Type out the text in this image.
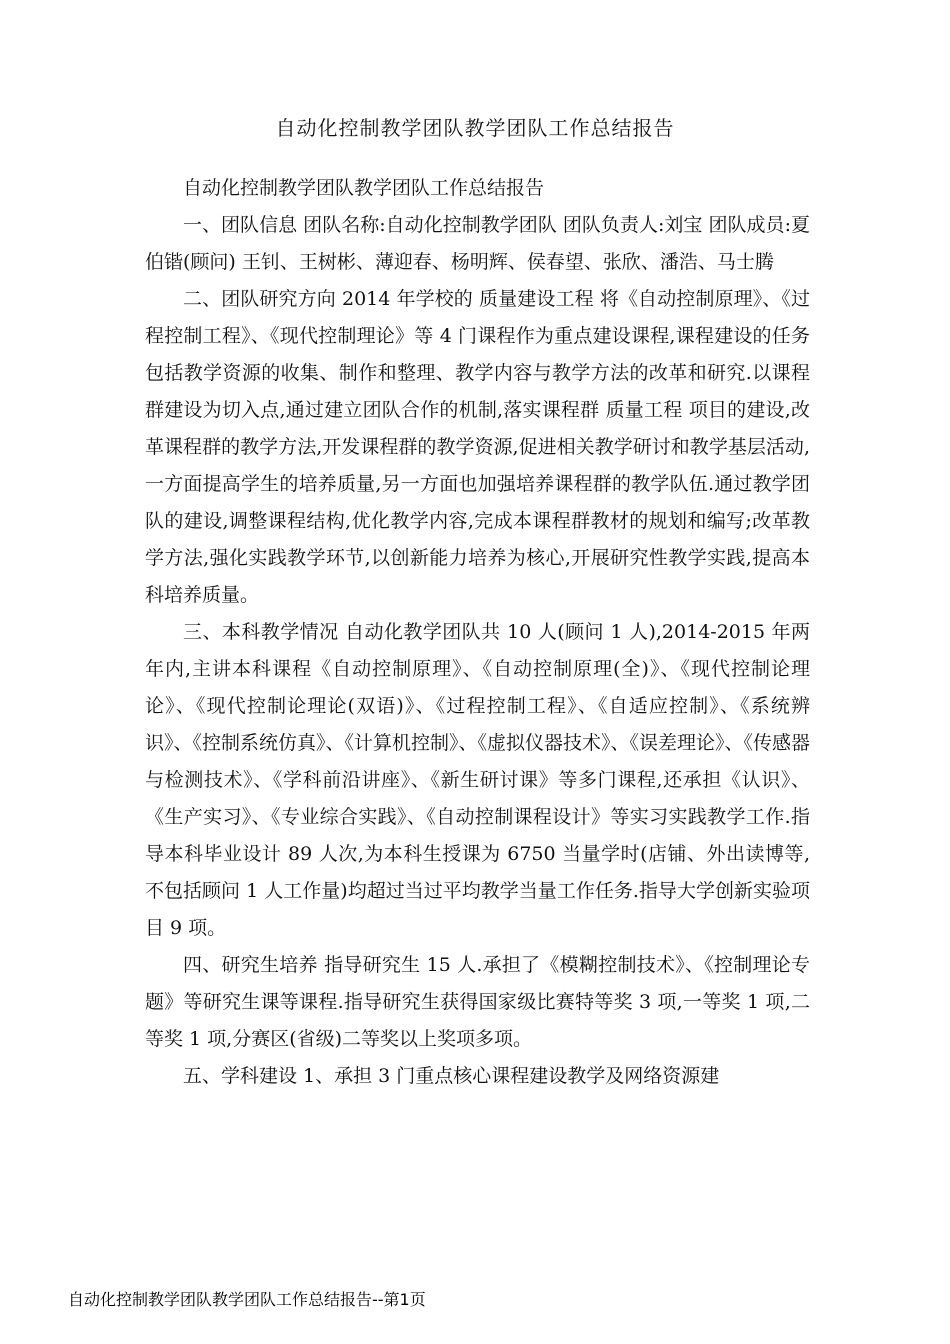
自动化控制教学团队教学团队工作总结报告

自动化控制教学团队教学团队工作总结报告

一、团队信息 团队名称:自动化控制教学团队 团队负责人:刘宝 团队成员:夏伯锴(顾问) 王钊、王树彬、薄迎春、杨明辉、侯春望、张欣、潘浩、马士腾

二、团队研究方向 2014 年学校的 质量建设工程 将《自动控制原理》、《过程控制工程》、《现代控制理论》等 4 门课程作为重点建设课程,课程建设的任务包括教学资源的收集、制作和整理、教学内容与教学方法的改革和研究.以课程群建设为切入点,通过建立团队合作的机制,落实课程群 质量工程 项目的建设,改革课程群的教学方法,开发课程群的教学资源,促进相关教学研讨和教学基层活动,一方面提高学生的培养质量,另一方面也加强培养课程群的教学队伍.通过教学团队的建设,调整课程结构,优化教学内容,完成本课程群教材的规划和编写;改革教学方法,强化实践教学环节,以创新能力培养为核心,开展研究性教学实践,提高本科培养质量。

三、本科教学情况 自动化教学团队共 10 人(顾问 1 人),2014-2015 年两年内,主讲本科课程《自动控制原理》、《自动控制原理(全)》、《现代控制论理论》、《现代控制论理论(双语)》、《过程控制工程》、《自适应控制》、《系统辨识》、《控制系统仿真》、《计算机控制》、《虚拟仪器技术》、《误差理论》、《传感器与检测技术》、《学科前沿讲座》、《新生研讨课》等多门课程,还承担《认识》、《生产实习》、《专业综合实践》、《自动控制课程设计》等实习实践教学工作.指导本科毕业设计 89 人次,为本科生授课为 6750 当量学时(店铺、外出读博等,不包括顾问 1 人工作量)均超过当过平均教学当量工作任务.指导大学创新实验项目 9 项。

四、研究生培养 指导研究生 15 人.承担了《模糊控制技术》、《控制理论专题》等研究生课等课程.指导研究生获得国家级比赛特等奖 3 项,一等奖 1 项,二等奖 1 项,分赛区(省级)二等奖以上奖项多项。

五、学科建设 1、承担 3 门重点核心课程建设教学及网络资源建

自动化控制教学团队教学团队工作总结报告--第1页
